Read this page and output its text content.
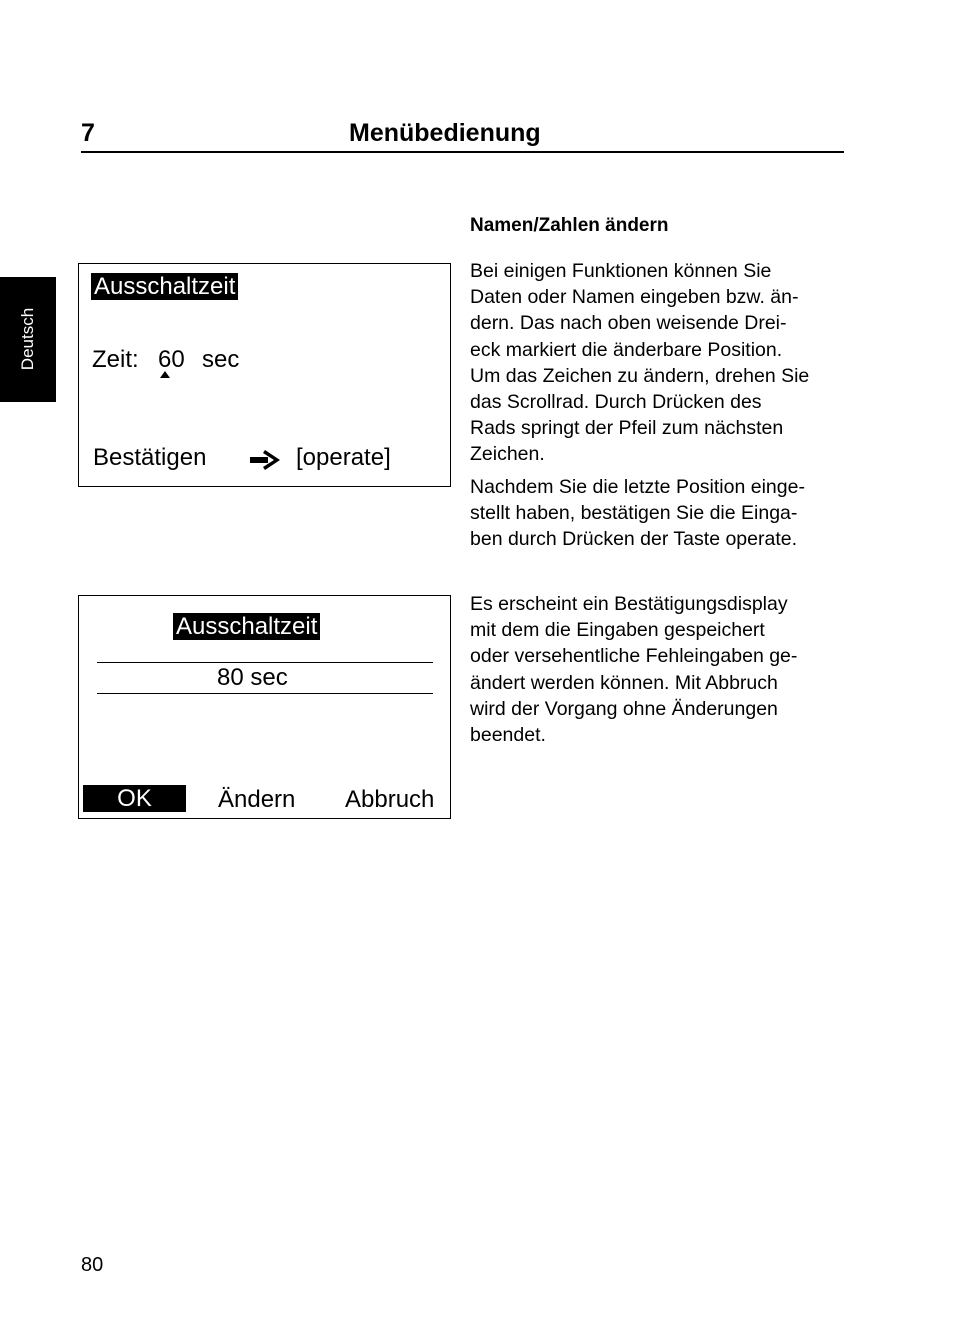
7	Menübedienung
Deutsch
Ausschaltzeit
Zeit: 60 sec
Bestätigen	[operate]
Ausschaltzeit
80 sec
OK	Ändern Abbruch
Namen/Zahlen ändern
Bei einigen Funktionen können Sie
Daten oder Namen eingeben bzw. än-
dern. Das nach oben weisende Drei-
eck markiert die änderbare Position.
Um das Zeichen zu ändern, drehen Sie
das Scrollrad. Durch Drücken des
Rads springt der Pfeil zum nächsten
Zeichen.
Nachdem Sie die letzte Position einge-
stellt haben, bestätigen Sie die Einga-
ben durch Drücken der Taste operate.
Es erscheint ein Bestätigungsdisplay
mit dem die Eingaben gespeichert
oder versehentliche Fehleingaben ge-
ändert werden können. Mit Abbruch
wird der Vorgang ohne Änderungen
beendet.
80
